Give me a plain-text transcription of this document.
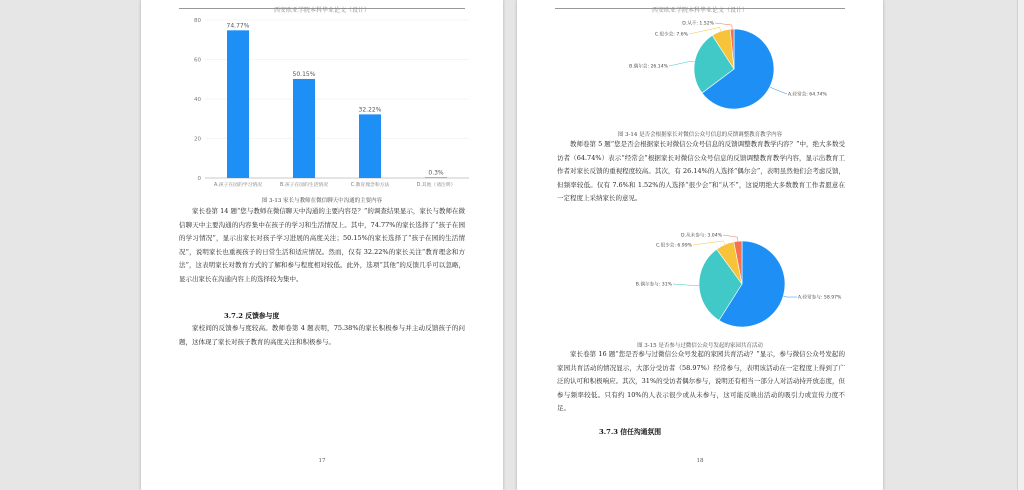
西安欧亚学院本科毕业论文（设计）
0
20
40
60
80
74.77%
A.孩子在园的学习情况
50.15%
B.孩子在园的生活情况
32.22%
C.教育理念和方法
0.3%
D.其他（请注明）
图 3-13 家长与教师在微信聊天中沟通的主要内容
家长卷第 14 题“您与教师在微信聊天中沟通的主要内容是？”的调查结果显示，家长与教师在微信聊天中主要沟通的内容集中在孩子的学习和生活情况上。其中，74.77%的家长选择了“孩子在园的学习情况”，显示出家长对孩子学习进展的高度关注；50.15%的家长选择了“孩子在园的生活情况”，说明家长也重视孩子的日常生活和适应情况。然而，仅有 32.22%的家长关注“教育理念和方法”，这表明家长对教育方式的了解和参与程度相对较低。此外，选项“其他”的反馈几乎可以忽略，显示出家长在沟通内容上的选择较为集中。
3.7.2 反馈参与度
家校间的反馈参与度较高。教师卷第 4 题表明，75.38%的家长积极参与并主动反馈孩子的问题，这体现了家长对孩子教育的高度关注和积极参与。
17
西安欧亚学院本科毕业论文（设计）
A.经常会: 64.74%
B.偶尔会: 26.14%
C.很少会: 7.6%
D.从不: 1.52%
图 3-14 是否会根据家长对微信公众号信息的反馈调整教育教学内容
教师卷第 5 题“您是否会根据家长对微信公众号信息的反馈调整教育教学内容？”中，绝大多数受访者（64.74%）表示“经常会”根据家长对微信公众号信息的反馈调整教育教学内容，显示出教育工作者对家长反馈的重视程度较高。其次，有 26.14%的人选择“偶尔会”，表明虽然他们会考虑反馈，但频率较低。仅有 7.6%和 1.52%的人选择“很少会”和“从不”，这说明绝大多数教育工作者愿意在一定程度上采纳家长的意见。
A.经常参与: 58.97%
B.偶尔参与: 31%
C.很少会: 6.99%
D.从未参与: 3.04%
图 3-15 是否参与过微信公众号发起的家园共育活动
家长卷第 16 题“您是否参与过微信公众号发起的家园共育活动？”显示，参与微信公众号发起的家园共育活动的情况显示，大部分受访者（58.97%）经常参与，表明该活动在一定程度上得到了广泛的认可和积极响应。其次，31%的受访者偶尔参与，说明还有相当一部分人对活动持开放态度，但参与频率较低。只有约 10%的人表示很少或从未参与，这可能反映出活动的吸引力或宣传力度不足。
3.7.3 信任沟通氛围
18
